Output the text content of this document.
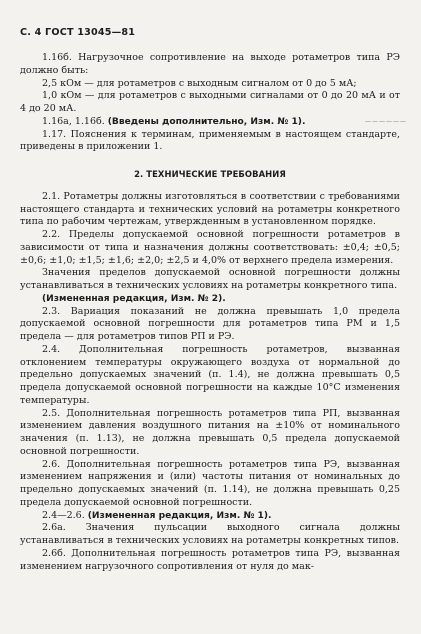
С. 4 ГОСТ 13045—81
——————

1.16б. Нагрузочное сопротивление на выходе ротаметров типа РЭ должно быть:

2,5 кОм — для ротаметров с выходным сигналом от 0 до 5 мА;

1,0 кОм — для ротаметров с выходными сигналами от 0 до 20 мА и от 4 до 20 мА.

1.16а, 1.16б. (Введены дополнительно, Изм. № 1).

1.17. Пояснения к терминам, применяемым в настоящем стандарте, приведены в приложении 1.

2. ТЕХНИЧЕСКИЕ ТРЕБОВАНИЯ

2.1. Ротаметры должны изготовляться в соответствии с требованиями настоящего стандарта и технических условий на ротаметры конкретного типа по рабочим чертежам, утвержденным в установленном порядке.

2.2. Пределы допускаемой основной погрешности ротаметров в зависимости от типа и назначения должны соответствовать: ±0,4; ±0,5; ±0,6; ±1,0; ±1,5; ±1,6; ±2,0; ±2,5 и 4,0% от верхнего предела измерения.

Значения пределов допускаемой основной погрешности должны устанавливаться в технических условиях на ротаметры конкретного типа.

(Измененная редакция, Изм. № 2).

2.3. Вариация показаний не должна превышать 1,0 предела допускаемой основной погрешности для ротаметров типа РМ и 1,5 предела — для ротаметров типов РП и РЭ.

2.4. Дополнительная погрешность ротаметров, вызванная отклонением температуры окружающего воздуха от нормальной до предельно допускаемых значений (п. 1.4), не должна превышать 0,5 предела допускаемой основной погрешности на каждые 10°С изменения температуры.

2.5. Дополнительная погрешность ротаметров типа РП, вызванная изменением давления воздушного питания на ±10% от номинального значения (п. 1.13), не должна превышать 0,5 предела допускаемой основной погрешности.

2.6. Дополнительная погрешность ротаметров типа РЭ, вызванная изменением напряжения и (или) частоты питания от номинальных до предельно допускаемых значений (п. 1.14), не должна превышать 0,25 предела допускаемой основной погрешности.

2.4—2.6. (Измененная редакция, Изм. № 1).

2.6а. Значения пульсации выходного сигнала должны устанавливаться в технических условиях на ротаметры конкретных типов.

2.6б. Дополнительная погрешность ротаметров типа РЭ, вызванная изменением нагрузочного сопротивления от нуля до мак-
